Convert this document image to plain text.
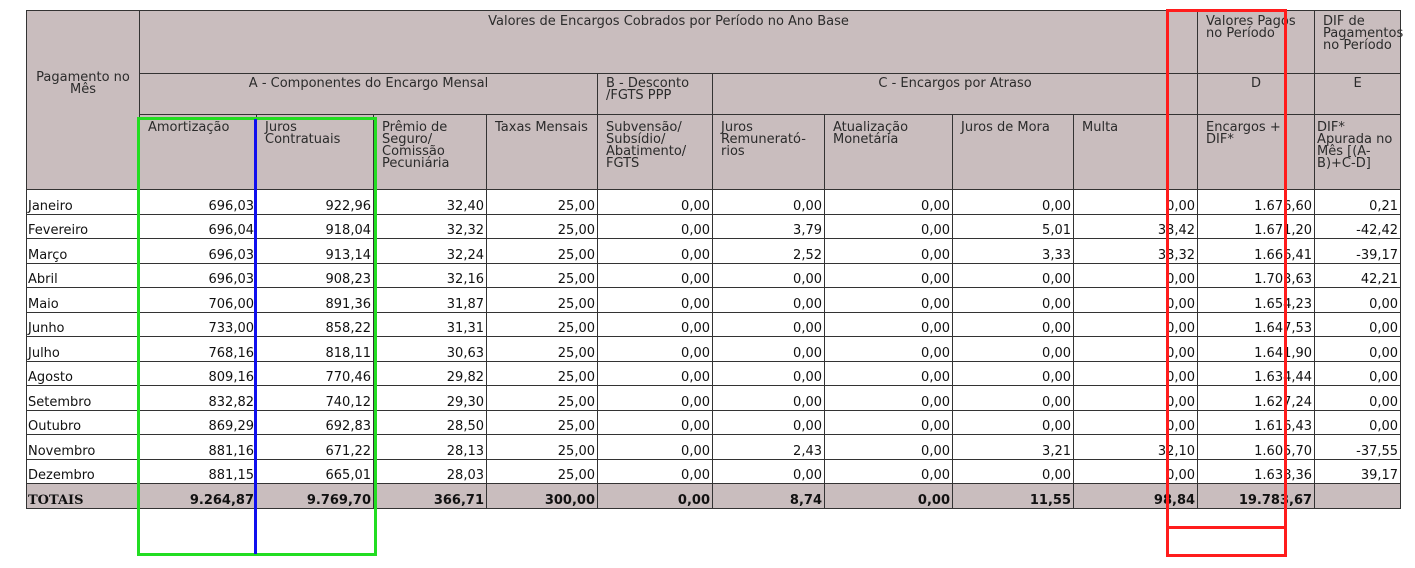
Pagamento no Mês	Valores de Encargos Cobrados por Período no Ano Base									Valores Pagos no Período	DIF de Pagamentos no Período
	A - Componentes do Encargo Mensal				B - Desconto /FGTS PPP	C - Encargos por Atraso				D	E
	Amortização	Juros Contratuais	Prêmio de Seguro/ Comissão Pecuniária	Taxas Mensais	Subvensão/ Subsídio/ Abatimento/ FGTS	Juros Remunerató- rios	Atualização Monetária	Juros de Mora	Multa	Encargos + DIF*	DIF* Apurada no Mês [(A-B)+C-D]
Janeiro	696,03	922,96	32,40	25,00	0,00	0,00	0,00	0,00	0,00	1.676,60	0,21
Fevereiro	696,04	918,04	32,32	25,00	0,00	3,79	0,00	5,01	33,42	1.671,20	-42,42
Março	696,03	913,14	32,24	25,00	0,00	2,52	0,00	3,33	33,32	1.666,41	-39,17
Abril	696,03	908,23	32,16	25,00	0,00	0,00	0,00	0,00	0,00	1.703,63	42,21
Maio	706,00	891,36	31,87	25,00	0,00	0,00	0,00	0,00	0,00	1.654,23	0,00
Junho	733,00	858,22	31,31	25,00	0,00	0,00	0,00	0,00	0,00	1.647,53	0,00
Julho	768,16	818,11	30,63	25,00	0,00	0,00	0,00	0,00	0,00	1.641,90	0,00
Agosto	809,16	770,46	29,82	25,00	0,00	0,00	0,00	0,00	0,00	1.634,44	0,00
Setembro	832,82	740,12	29,30	25,00	0,00	0,00	0,00	0,00	0,00	1.627,24	0,00
Outubro	869,29	692,83	28,50	25,00	0,00	0,00	0,00	0,00	0,00	1.616,43	0,00
Novembro	881,16	671,22	28,13	25,00	0,00	2,43	0,00	3,21	32,10	1.605,70	-37,55
Dezembro	881,15	665,01	28,03	25,00	0,00	0,00	0,00	0,00	0,00	1.638,36	39,17
TOTAIS	9.264,87	9.769,70	366,71	300,00	0,00	8,74	0,00	11,55	98,84	19.783,67	
